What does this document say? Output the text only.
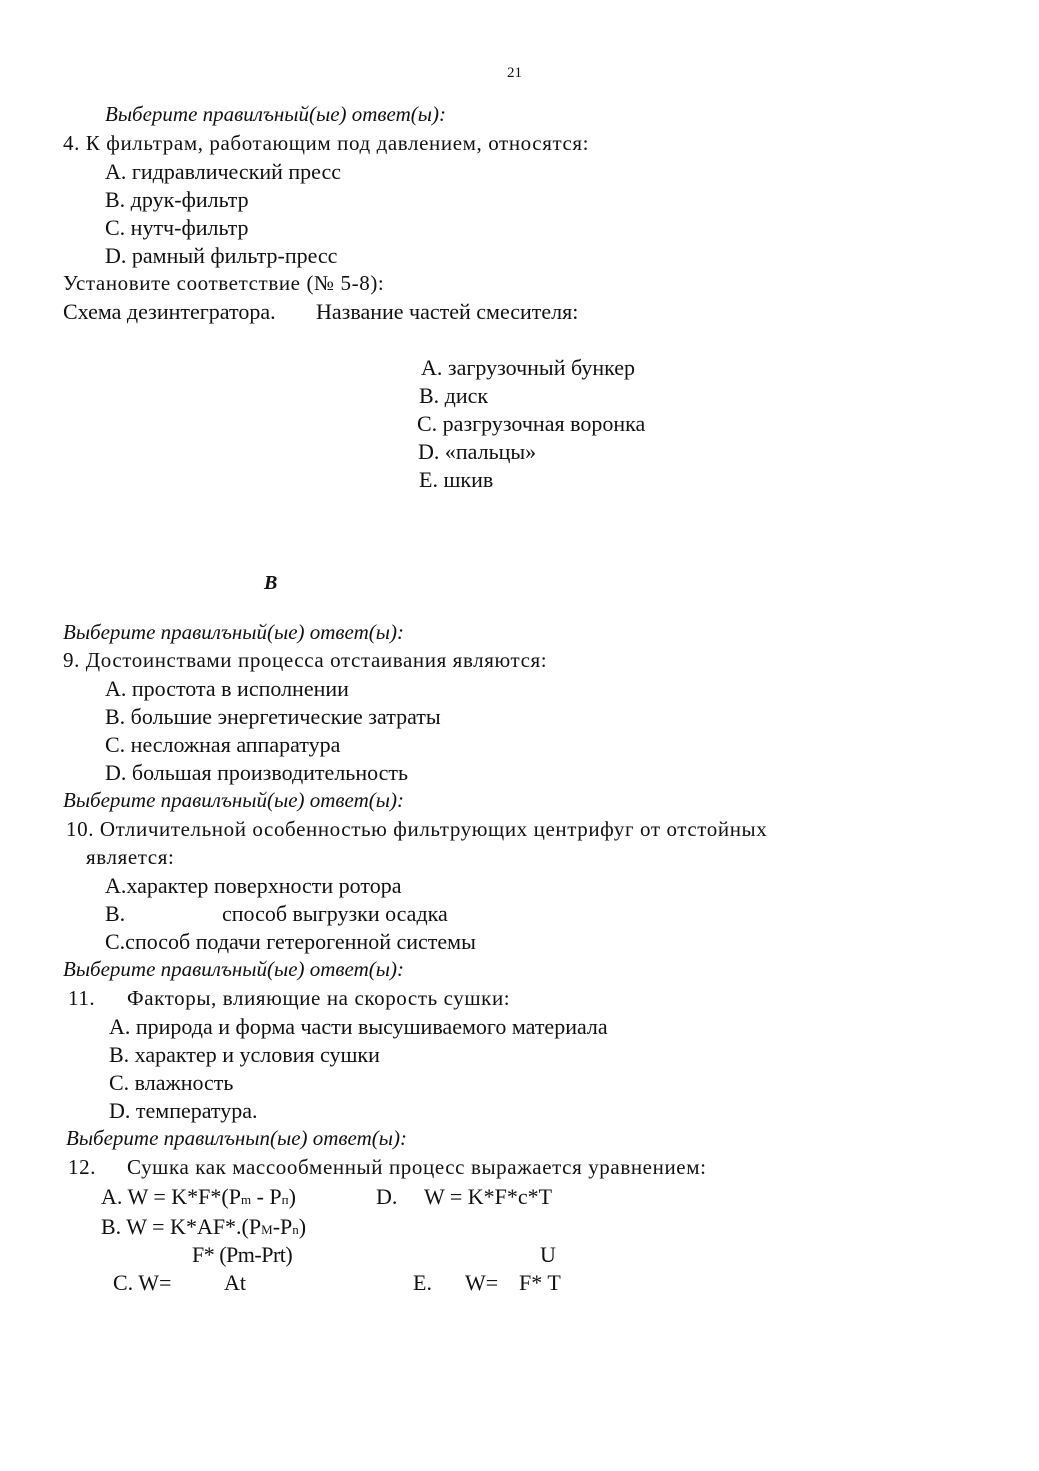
21
Выберите правилъный(ые) ответ(ы):
4. К фильтрам, работающим под давлением, относятся:
A. гидравлический пресс
B. друк-фильтр
C. нутч-фильтр
D. рамный фильтр-пресс
Установите соответствие (№ 5-8):
Схема дезинтегратора. Название частей смесителя:
A. загрузочный бункер
B. диск
C. разгрузочная воронка
D. «пальцы»
E. шкив
B
Выберите правилъный(ые) ответ(ы):
9. Достоинствами процесса отстаивания являются:
A. простота в исполнении
B. большие энергетические затраты
C. несложная аппаратура
D. большая производительность
Выберите правилъный(ые) ответ(ы):
10. Отличительной особенностью фильтрующих центрифуг от отстойных
является:
A.характер поверхности ротора
B.	способ выгрузки осадка
C.способ подачи гетерогенной системы
Выберите правилъный(ые) ответ(ы):
11. Факторы, влияющие на скорость сушки:
A. природа и форма части высушиваемого материала
B. характер и условия сушки
C. влажность
D. температура.
Выберите правилънып(ые) ответ(ы):
12. Сушка как массообменный процесс выражается уравнением:
A. W = K*F*(Pm - Pп)	D. W = K*F*c*T
B. W = K*AF*.(PM-Pn)
F* (Pm-Prt)	U
C. W= At	E. W= F* T
